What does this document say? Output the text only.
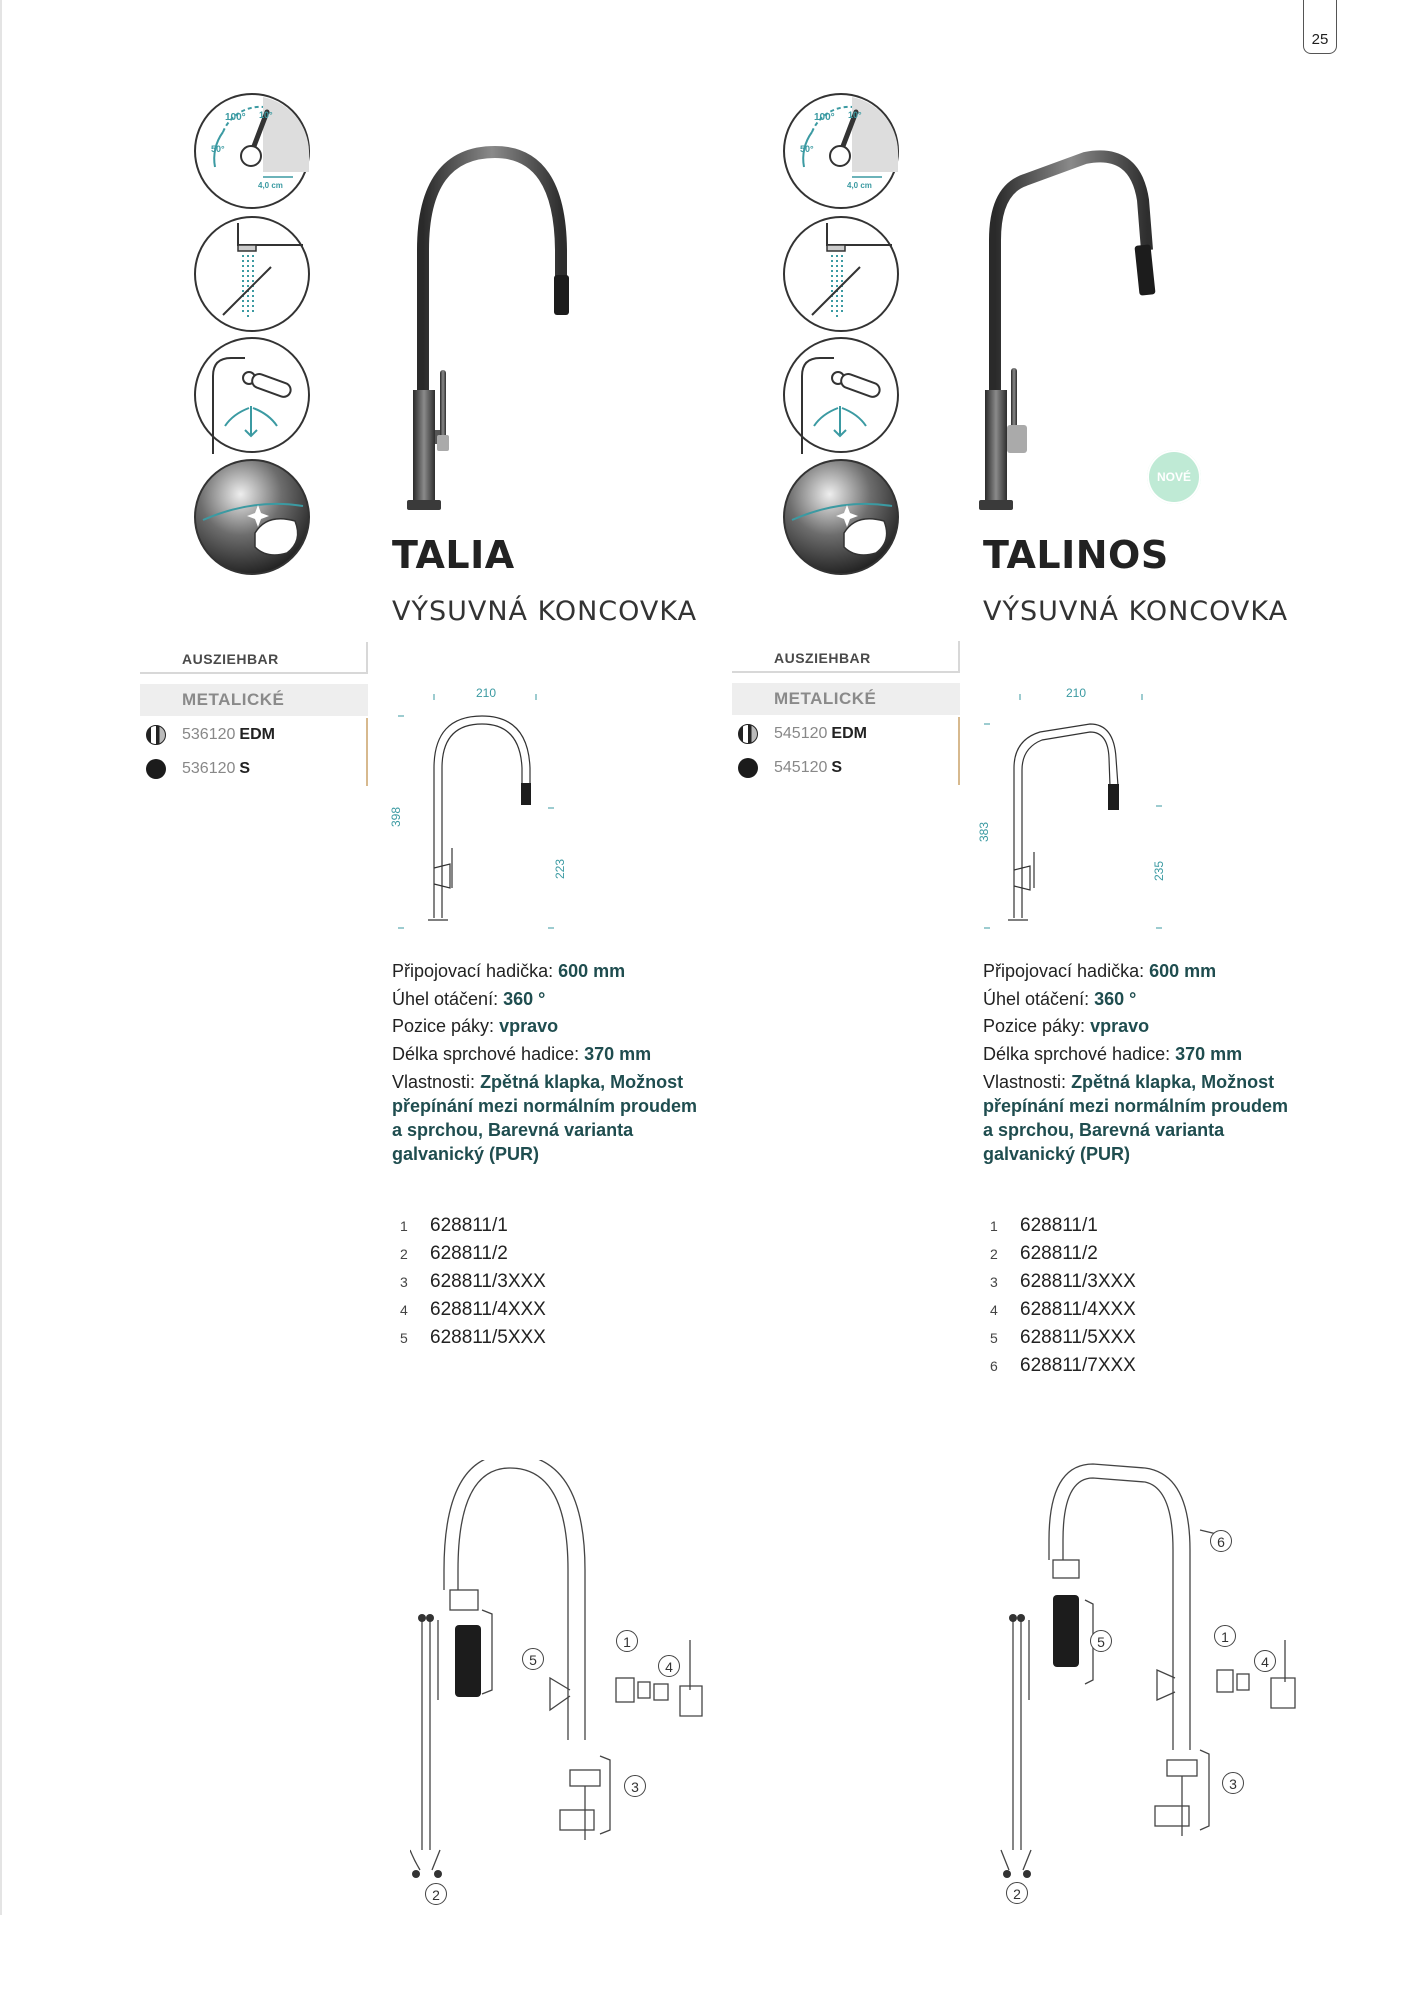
25
100° 10°
50°
4,0 cm
TALIA
VÝSUVNÁ KONCOVKA
AUSZIEHBAR
METALICKÉ
536120 EDM
536120 S
210
398
223
Připojovací hadička: 600 mm
Úhel otáčení: 360 °
Pozice páky: vpravo
Délka sprchové hadice: 370 mm
Vlastnosti: Zpětná klapka, Možnost
přepínání mezi normálním proudem
a sprchou, Barevná varianta
galvanický (PUR)
1 628811/1
2 628811/2
3 628811/3XXX
4 628811/4XXX
5 628811/5XXX
1
2
3
4
5
100° 10°
50°
4,0 cm
NOVÉ
TALINOS
VÝSUVNÁ KONCOVKA
AUSZIEHBAR
METALICKÉ
545120 EDM
545120 S
210
383
235
Připojovací hadička: 600 mm
Úhel otáčení: 360 °
Pozice páky: vpravo
Délka sprchové hadice: 370 mm
Vlastnosti: Zpětná klapka, Možnost
přepínání mezi normálním proudem
a sprchou, Barevná varianta
galvanický (PUR)
1 628811/1
2 628811/2
3 628811/3XXX
4 628811/4XXX
5 628811/5XXX
6 628811/7XXX
1
2
3
4
5
6
